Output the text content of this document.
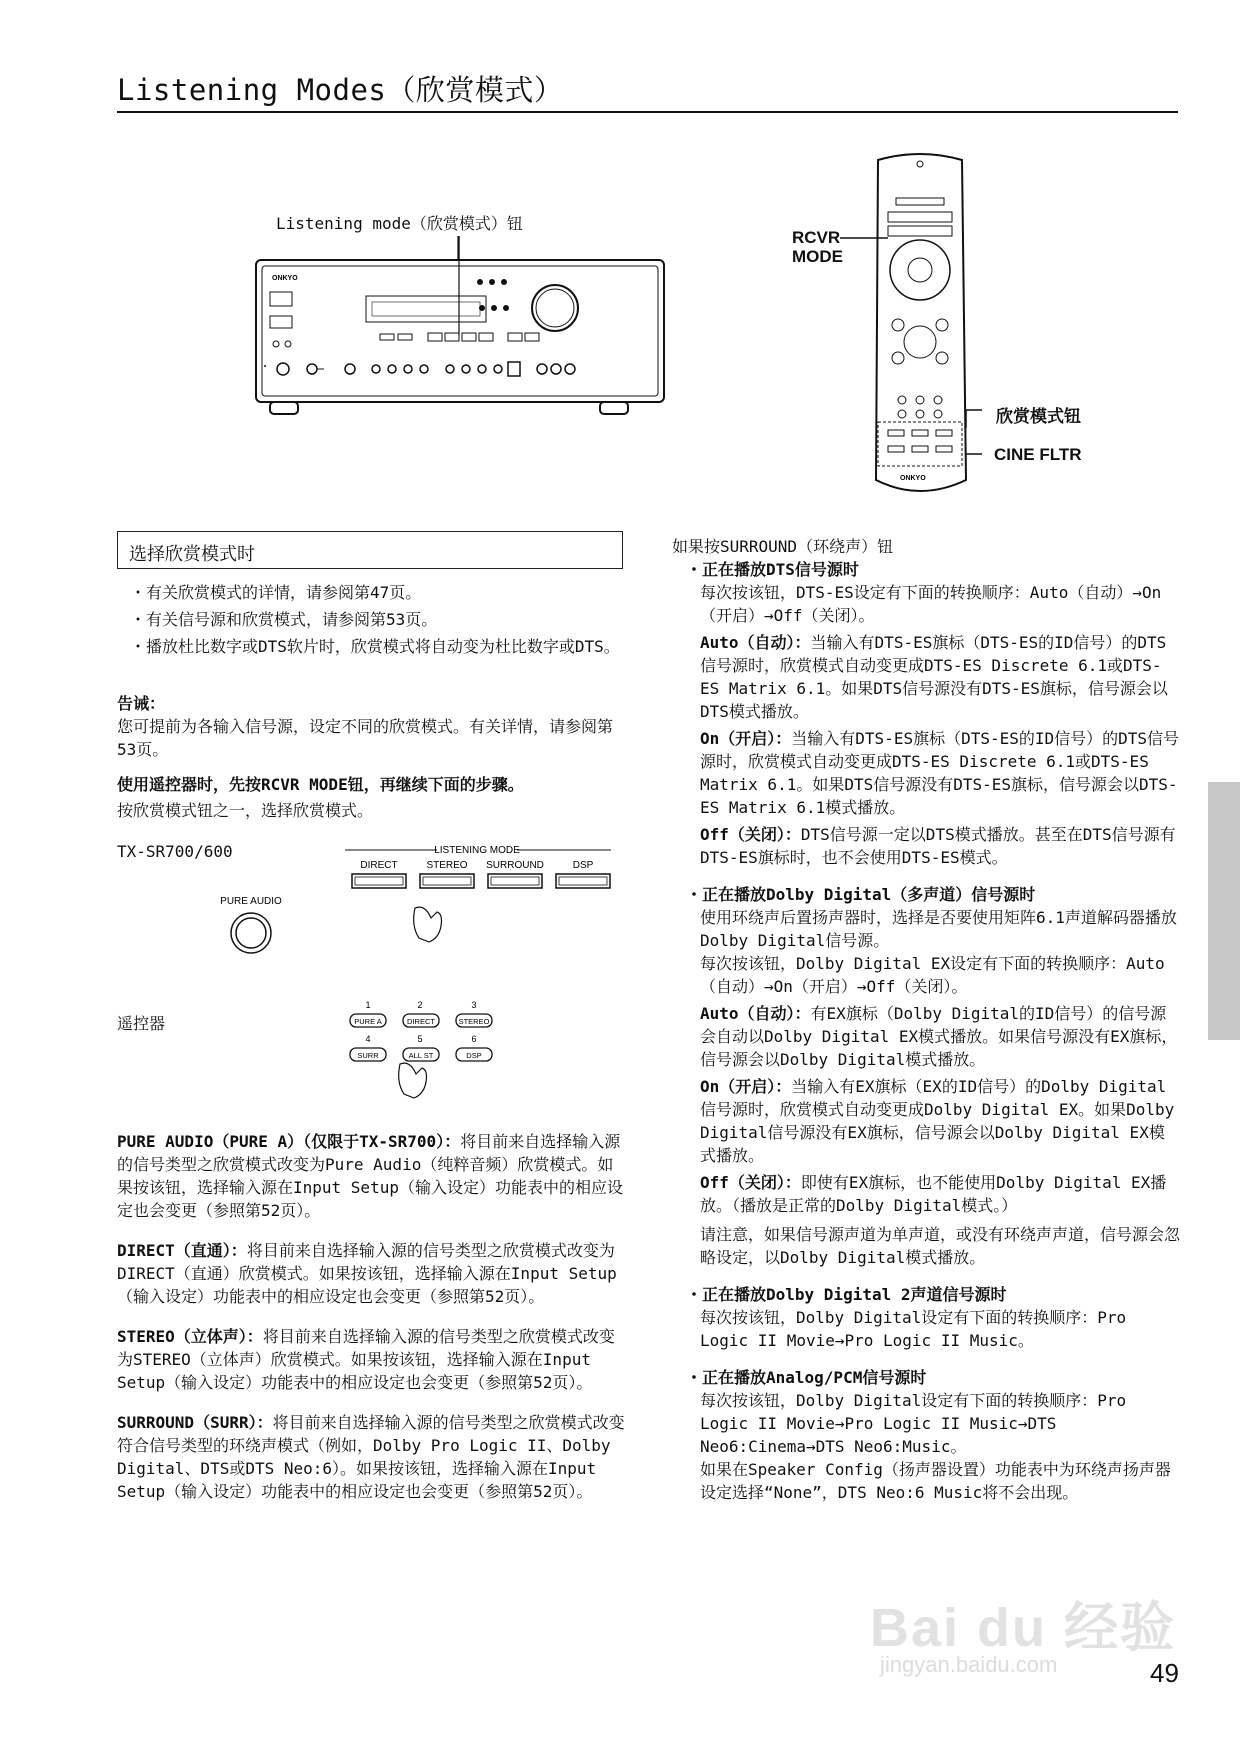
Listening Modes（欣赏模式）
Listening mode（欣赏模式）钮
ONKYO
ONKYO
RCVR
MODE
欣赏模式钮
CINE FLTR
选择欣赏模式时
・有关欣赏模式的详情，请参阅第47页。
・有关信号源和欣赏模式，请参阅第53页。
・播放杜比数字或DTS软片时，欣赏模式将自动变为杜比数字或DTS。
告诫：
您可提前为各输入信号源，设定不同的欣赏模式。有关详情，请参阅第53页。
使用遥控器时，先按RCVR MODE钮，再继续下面的步骤。
按欣赏模式钮之一，选择欣赏模式。
TX-SR700/600	LISTENING MODE
DIRECT	STEREO SURROUND	DSP
PURE AUDIO
遥控器
1	2	3
PURE A	DIRECT	STEREO
4	5	6
SURR	ALL ST	DSP
PURE AUDIO（PURE A）（仅限于TX-SR700）：将目前来自选择输入源的信号类型之欣赏模式改变为Pure Audio（纯粹音频）欣赏模式。如果按该钮，选择输入源在Input Setup（输入设定）功能表中的相应设定也会变更（参照第52页）。
DIRECT（直通）：将目前来自选择输入源的信号类型之欣赏模式改变为DIRECT（直通）欣赏模式。如果按该钮，选择输入源在Input Setup（输入设定）功能表中的相应设定也会变更（参照第52页）。
STEREO（立体声）：将目前来自选择输入源的信号类型之欣赏模式改变为STEREO（立体声）欣赏模式。如果按该钮，选择输入源在Input Setup（输入设定）功能表中的相应设定也会变更（参照第52页）。
SURROUND（SURR）：将目前来自选择输入源的信号类型之欣赏模式改变符合信号类型的环绕声模式（例如，Dolby Pro Logic II、Dolby Digital、DTS或DTS Neo:6）。如果按该钮，选择输入源在Input Setup（输入设定）功能表中的相应设定也会变更（参照第52页）。
如果按SURROUND（环绕声）钮
・正在播放DTS信号源时
每次按该钮，DTS-ES设定有下面的转换顺序：Auto（自动）→On（开启）→Off（关闭）。
Auto（自动）：当输入有DTS-ES旗标（DTS-ES的ID信号）的DTS信号源时，欣赏模式自动变更成DTS-ES Discrete 6.1或DTS-ES Matrix 6.1。如果DTS信号源没有DTS-ES旗标，信号源会以DTS模式播放。
On（开启）：当输入有DTS-ES旗标（DTS-ES的ID信号）的DTS信号源时，欣赏模式自动变更成DTS-ES Discrete 6.1或DTS-ES Matrix 6.1。如果DTS信号源没有DTS-ES旗标，信号源会以DTS-ES Matrix 6.1模式播放。
Off（关闭）：DTS信号源一定以DTS模式播放。甚至在DTS信号源有DTS-ES旗标时，也不会使用DTS-ES模式。
・正在播放Dolby Digital（多声道）信号源时
使用环绕声后置扬声器时，选择是否要使用矩阵6.1声道解码器播放Dolby Digital信号源。
每次按该钮，Dolby Digital EX设定有下面的转换顺序：Auto（自动）→On（开启）→Off（关闭）。
Auto（自动）：有EX旗标（Dolby Digital的ID信号）的信号源会自动以Dolby Digital EX模式播放。如果信号源没有EX旗标，信号源会以Dolby Digital模式播放。
On（开启）：当输入有EX旗标（EX的ID信号）的Dolby Digital信号源时，欣赏模式自动变更成Dolby Digital EX。如果Dolby Digital信号源没有EX旗标，信号源会以Dolby Digital EX模式播放。
Off（关闭）：即使有EX旗标，也不能使用Dolby Digital EX播放。（播放是正常的Dolby Digital模式。）
请注意，如果信号源声道为单声道，或没有环绕声声道，信号源会忽略设定，以Dolby Digital模式播放。
・正在播放Dolby Digital 2声道信号源时
每次按该钮，Dolby Digital设定有下面的转换顺序：Pro Logic II Movie→Pro Logic II Music。
・正在播放Analog/PCM信号源时
每次按该钮，Dolby Digital设定有下面的转换顺序：Pro Logic II Movie→Pro Logic II Music→DTS Neo6:Cinema→DTS Neo6:Music。
如果在Speaker Config（扬声器设置）功能表中为环绕声扬声器设定选择“None”，DTS Neo:6 Music将不会出现。
Bai du 经验
jingyan.baidu.com	49
